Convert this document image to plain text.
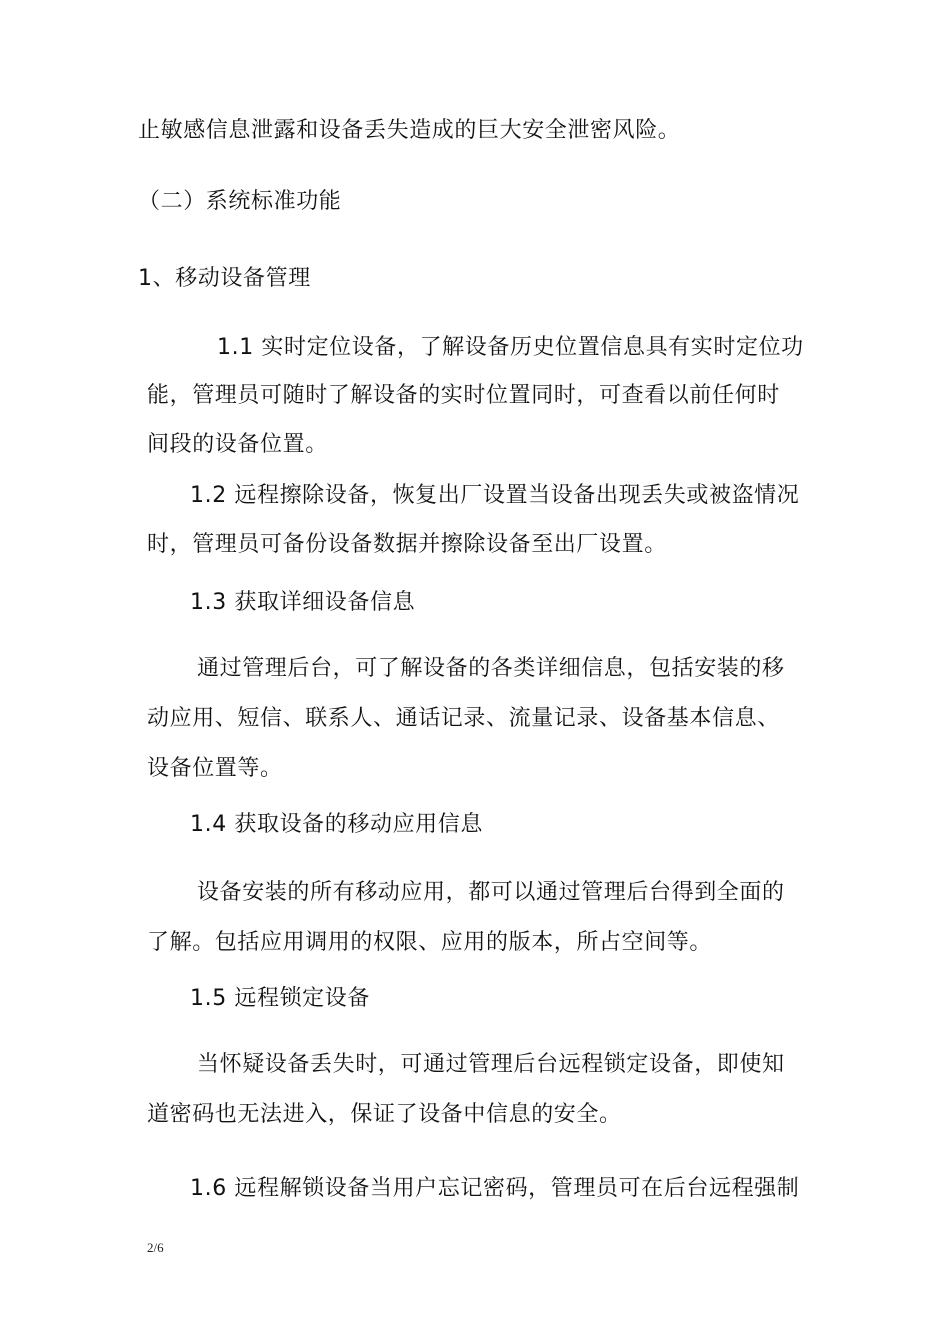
止敏感信息泄露和设备丢失造成的巨大安全泄密风险。
（二）系统标准功能
1、移动设备管理
1.1 实时定位设备，了解设备历史位置信息具有实时定位功
能，管理员可随时了解设备的实时位置同时，可查看以前任何时
间段的设备位置。
1.2 远程擦除设备，恢复出厂设置当设备出现丢失或被盗情况
时，管理员可备份设备数据并擦除设备至出厂设置。
1.3 获取详细设备信息
通过管理后台，可了解设备的各类详细信息，包括安装的移
动应用、短信、联系人、通话记录、流量记录、设备基本信息、
设备位置等。
1.4 获取设备的移动应用信息
设备安装的所有移动应用，都可以通过管理后台得到全面的
了解。包括应用调用的权限、应用的版本，所占空间等。
1.5 远程锁定设备
当怀疑设备丢失时，可通过管理后台远程锁定设备，即使知
道密码也无法进入，保证了设备中信息的安全。
1.6 远程解锁设备当用户忘记密码，管理员可在后台远程强制
2/6
